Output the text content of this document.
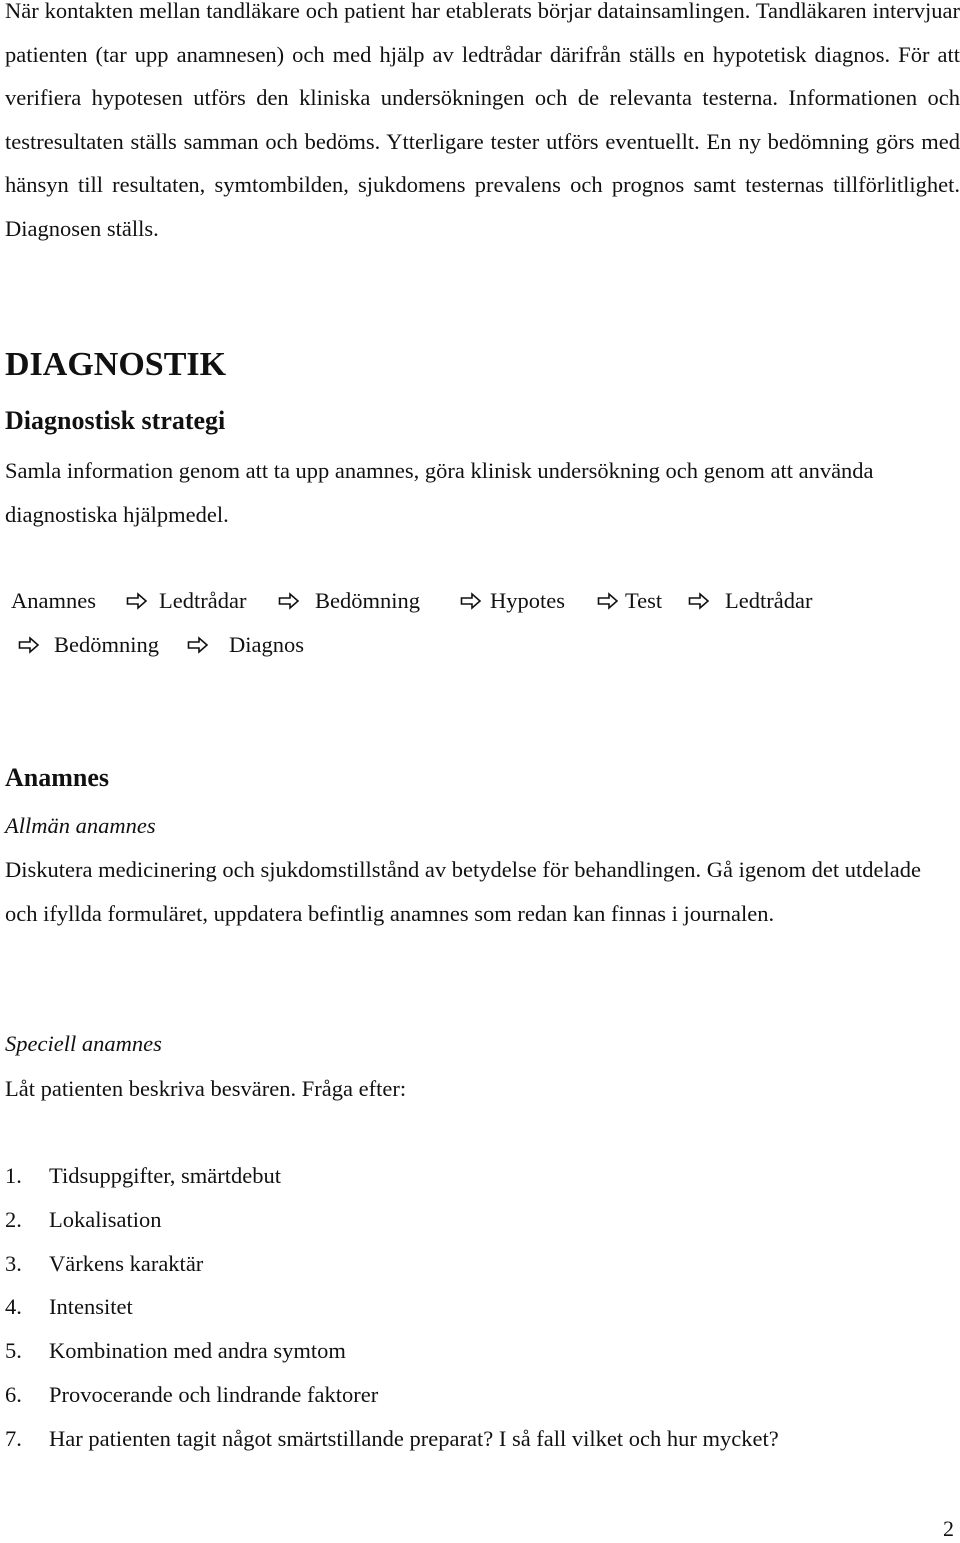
När kontakten mellan tandläkare och patient har etablerats börjar datainsamlingen. Tandläkaren intervjuar patienten (tar upp anamnesen) och med hjälp av ledtrådar därifrån ställs en hypotetisk diagnos. För att verifiera hypotesen utförs den kliniska undersökningen och de relevanta testerna. Informationen och testresultaten ställs samman och bedöms. Ytterligare tester utförs eventuellt. En ny bedömning görs med hänsyn till resultaten, symtombilden, sjukdomens prevalens och prognos samt testernas tillförlitlighet. Diagnosen ställs.

DIAGNOSTIK
Diagnostisk strategi

Samla information genom att ta upp anamnes, göra klinisk undersökning och genom att använda diagnostiska hjälpmedel.

Anamnes	Ledtrådar	Bedömning	Hypotes	Test	Ledtrådar
Bedömning	Diagnos
Anamnes
Allmän anamnes

Diskutera medicinering och sjukdomstillstånd av betydelse för behandlingen. Gå igenom det utdelade och ifyllda formuläret, uppdatera befintlig anamnes som redan kan finnas i journalen.

Speciell anamnes

Låt patienten beskriva besvären. Fråga efter:

1. Tidsuppgifter, smärtdebut
2. Lokalisation
3. Värkens karaktär
4. Intensitet
5. Kombination med andra symtom
6. Provocerande och lindrande faktorer
7. Har patienten tagit något smärtstillande preparat? I så fall vilket och hur mycket?
2
